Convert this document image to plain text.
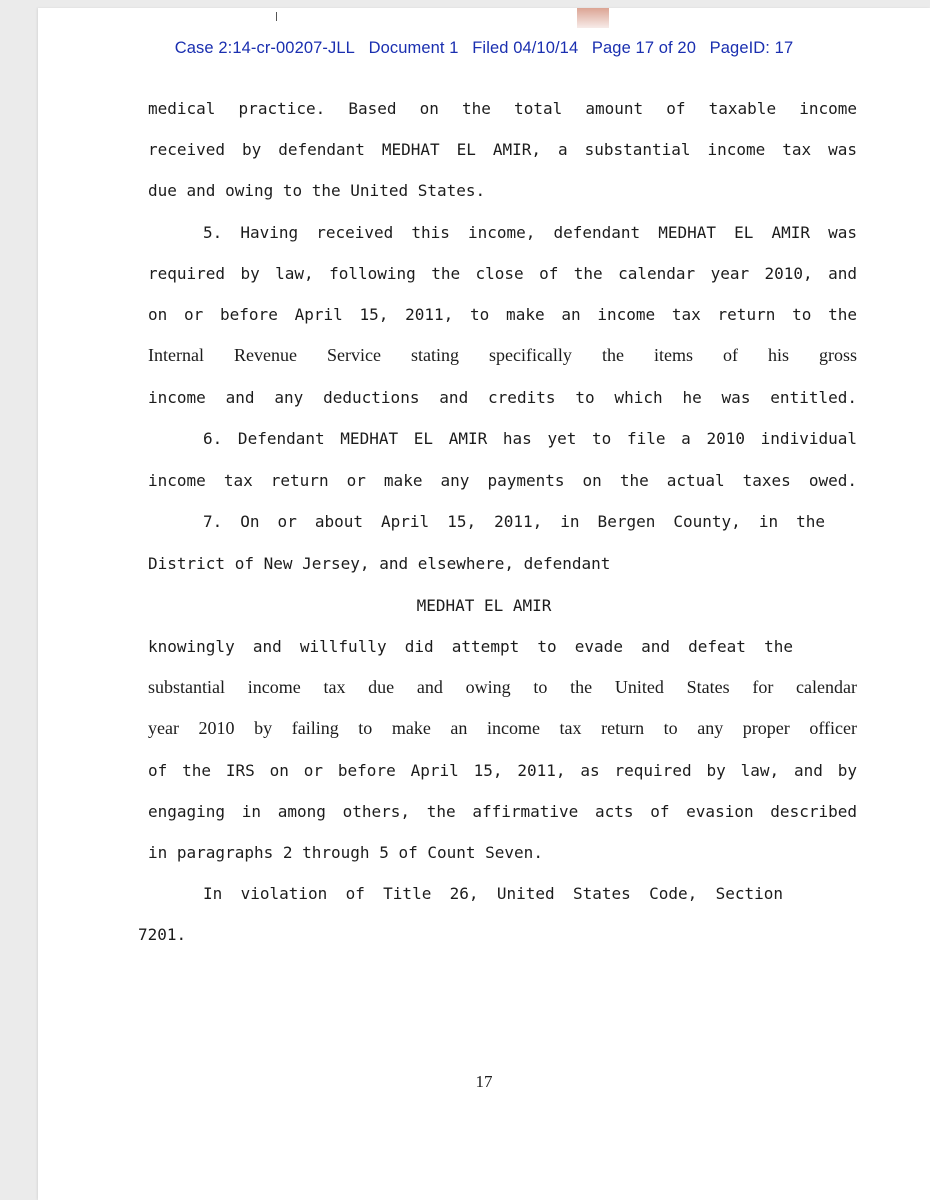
Case 2:14-cr-00207-JLL Document 1 Filed 04/10/14 Page 17 of 20 PageID: 17

medical practice. Based on the total amount of taxable income

received by defendant MEDHAT EL AMIR, a substantial income tax was

due and owing to the United States.

5. Having received this income, defendant MEDHAT EL AMIR was

required by law, following the close of the calendar year 2010, and

on or before April 15, 2011, to make an income tax return to the

Internal Revenue Service stating specifically the items of his gross

income and any deductions and credits to which he was entitled.

6. Defendant MEDHAT EL AMIR has yet to file a 2010 individual

income tax return or make any payments on the actual taxes owed.

7. On or about April 15, 2011, in Bergen County, in the

District of New Jersey, and elsewhere, defendant

MEDHAT EL AMIR

knowingly and willfully did attempt to evade and defeat the

substantial income tax due and owing to the United States for calendar

year 2010 by failing to make an income tax return to any proper officer

of the IRS on or before April 15, 2011, as required by law, and by

engaging in among others, the affirmative acts of evasion described

in paragraphs 2 through 5 of Count Seven.

In violation of Title 26, United States Code, Section

7201.

17
